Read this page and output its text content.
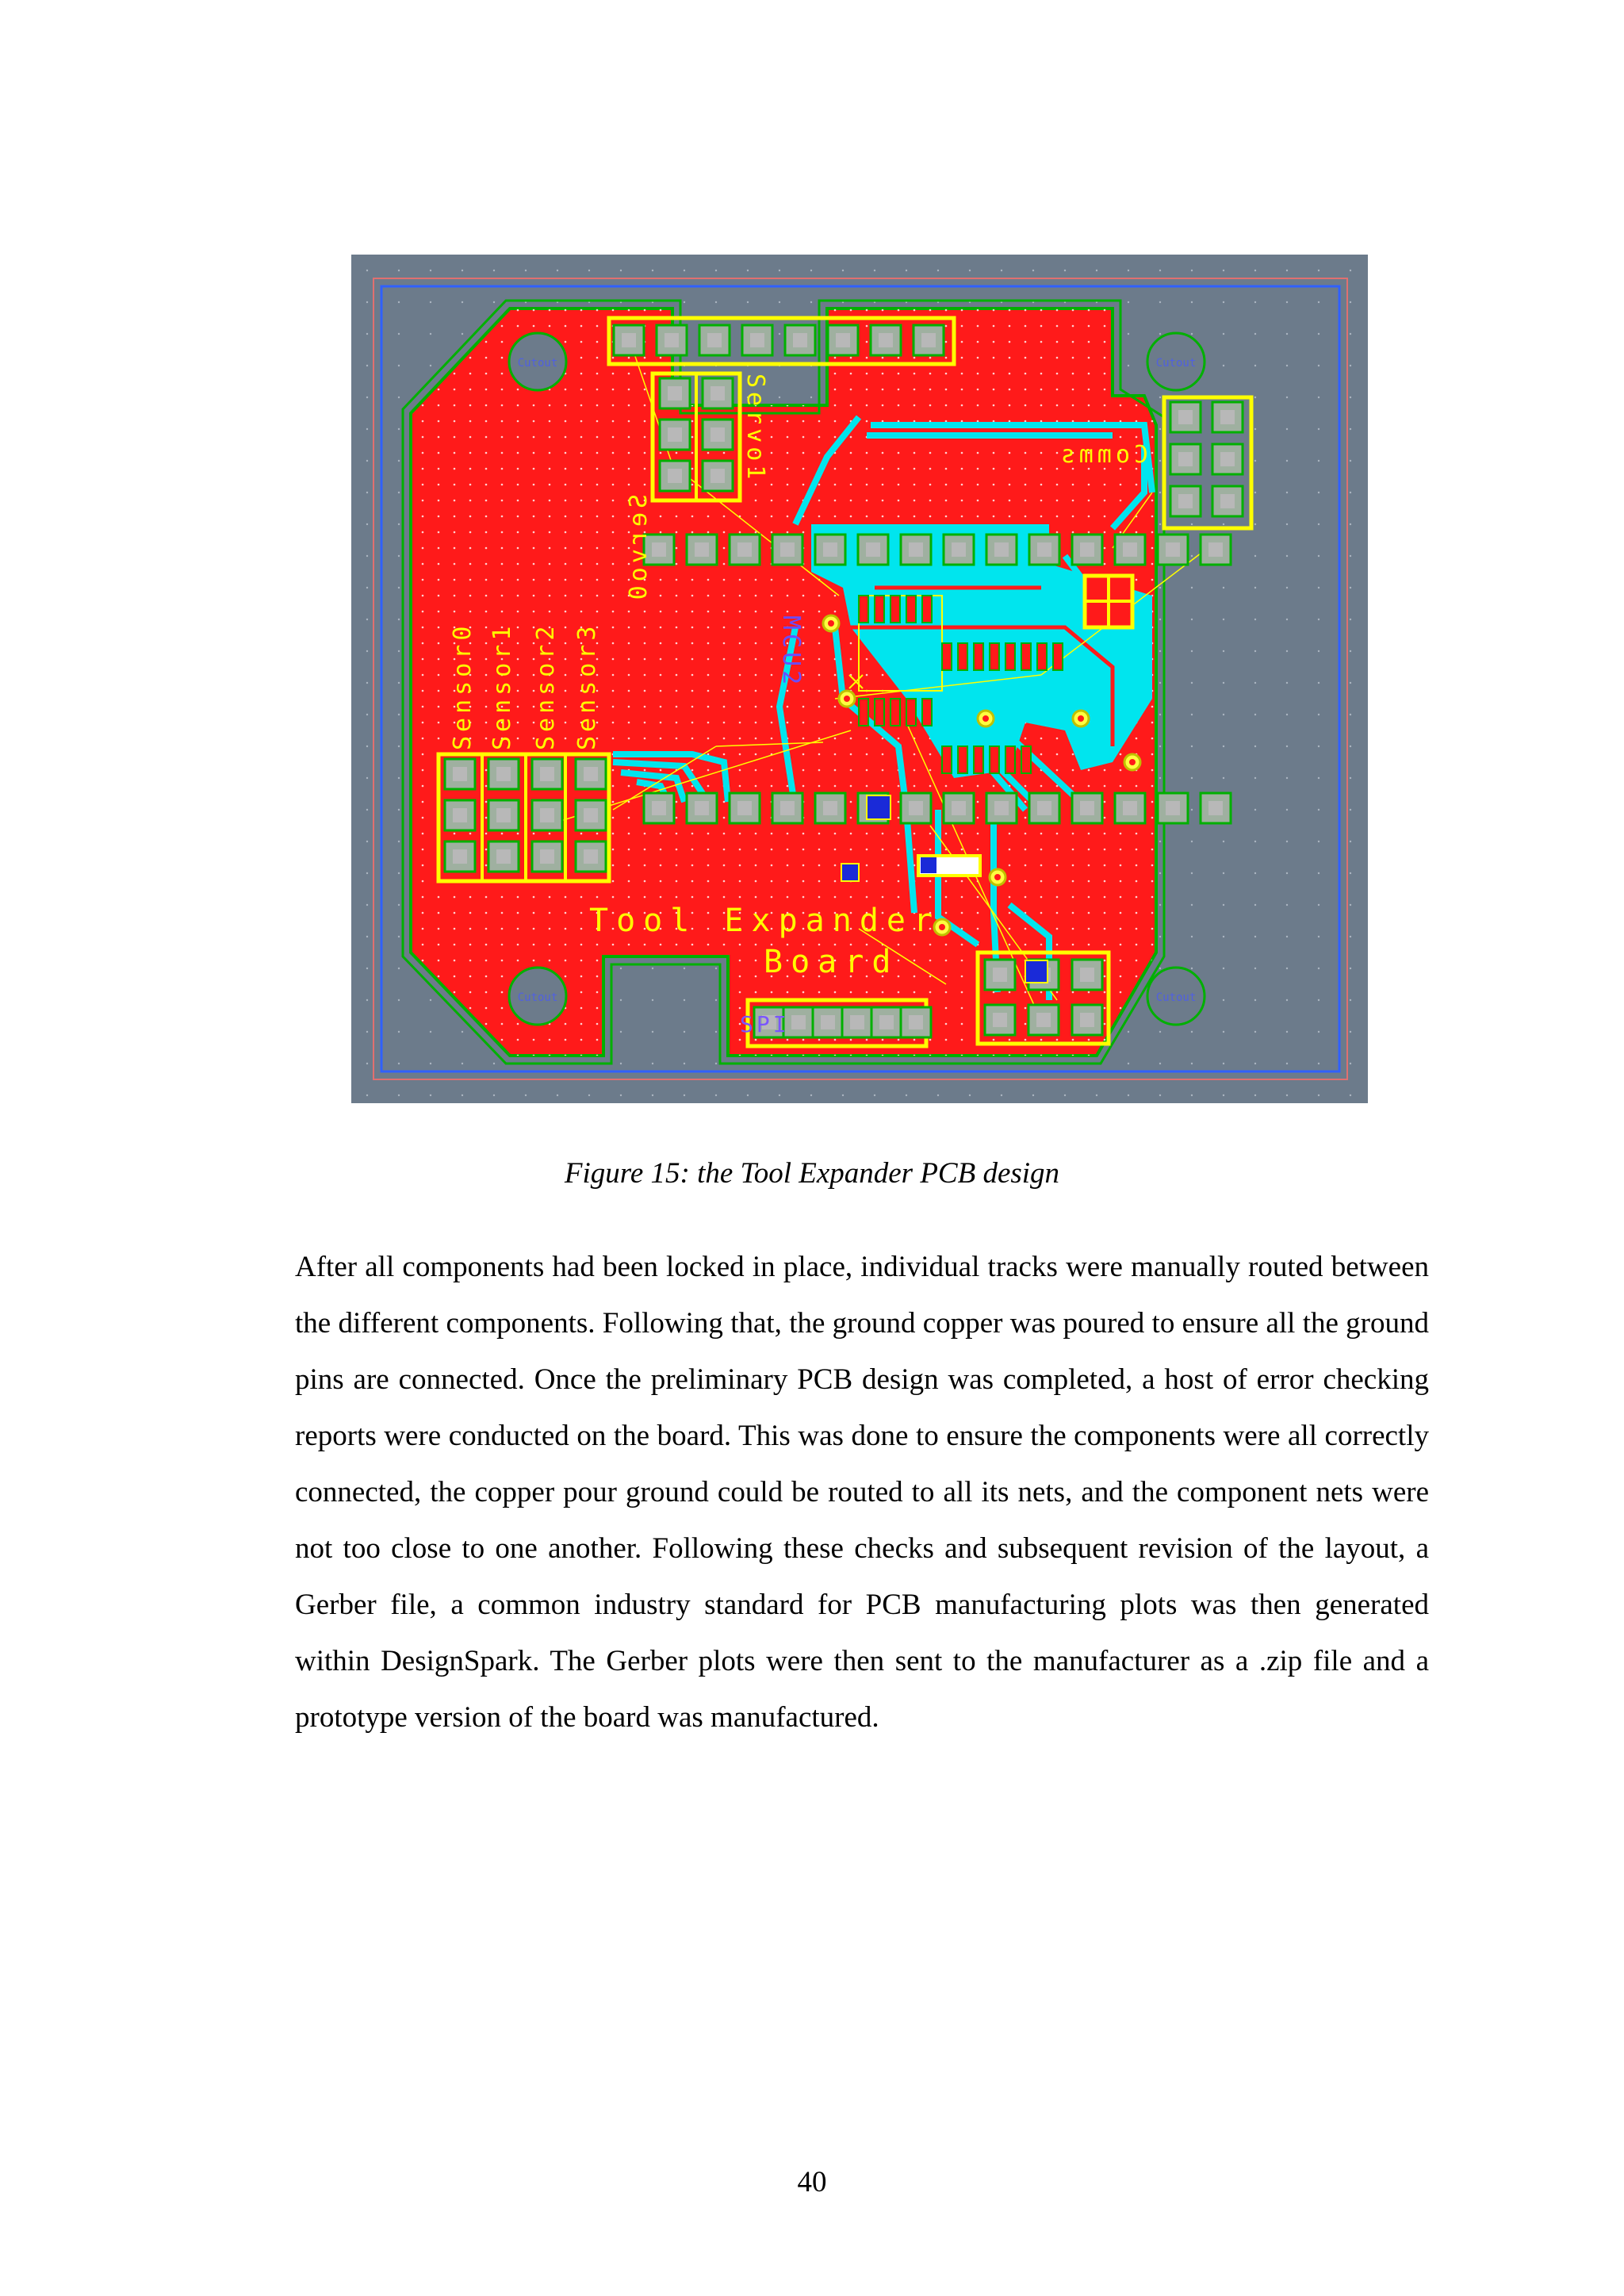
Cutout	Cutout
Cutout	Cutout
Servo0
Servo1	Comms
MCU2
Sensor0 Sensor1 Sensor2 Sensor3
Tool Expander
Board
SPI
Figure 15: the Tool Expander PCB design

After all components had been locked in place, individual tracks were manually routed between the different components. Following that, the ground copper was poured to ensure all the ground pins are connected. Once the preliminary PCB design was completed, a host of error checking reports were conducted on the board. This was done to ensure the components were all correctly connected, the copper pour ground could be routed to all its nets, and the component nets were not too close to one another. Following these checks and subsequent revision of the layout, a Gerber file, a common industry standard for PCB manufacturing plots was then generated within DesignSpark. The Gerber plots were then sent to the manufacturer as a .zip file and a prototype version of the board was manufactured.

40
